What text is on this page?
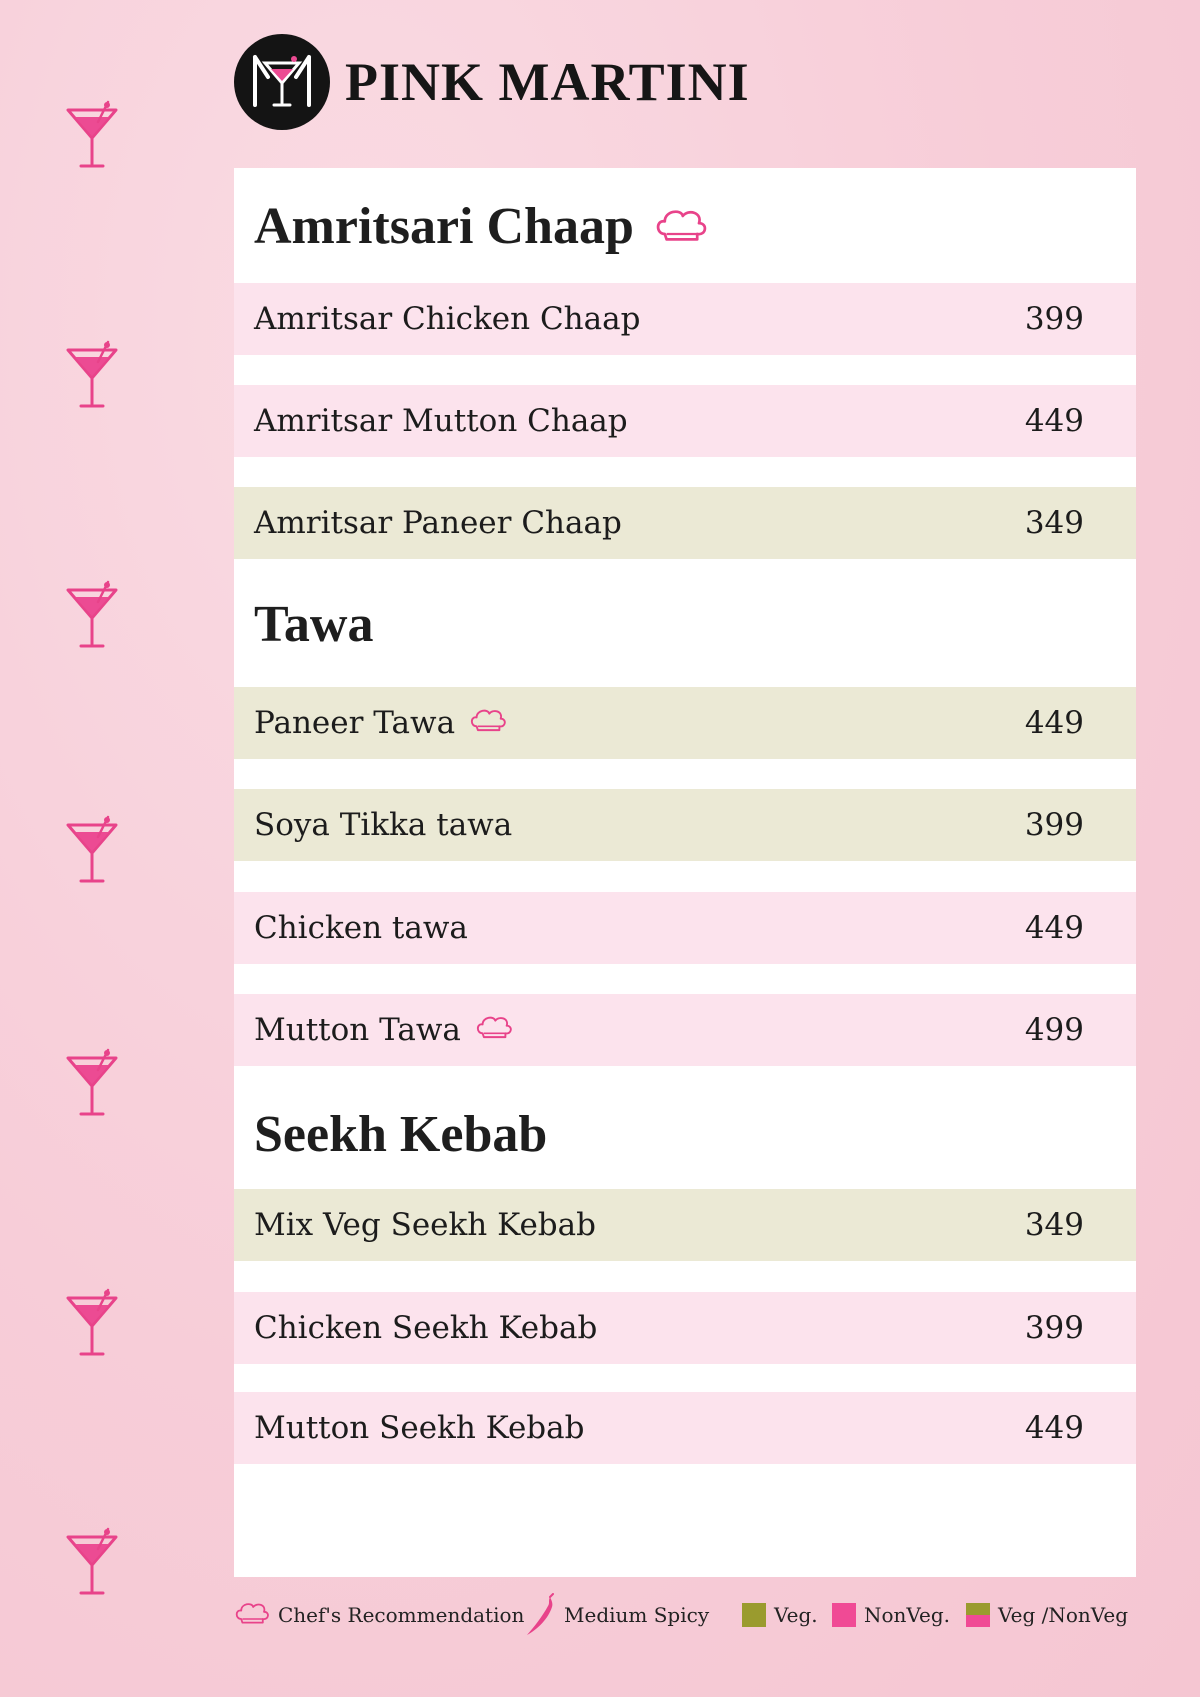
PINK MARTINI
Amritsari Chaap
Amritsar Chicken Chaap	399
Amritsar Mutton Chaap	449
Amritsar Paneer Chaap	349
Tawa
Paneer Tawa	449
Soya Tikka tawa	399
Chicken tawa	449
Mutton Tawa	499
Seekh Kebab
Mix Veg Seekh Kebab	349
Chicken Seekh Kebab	399
Mutton Seekh Kebab	449
Chef's Recommendation Medium Spicy	Veg. NonVeg. Veg /NonVeg
